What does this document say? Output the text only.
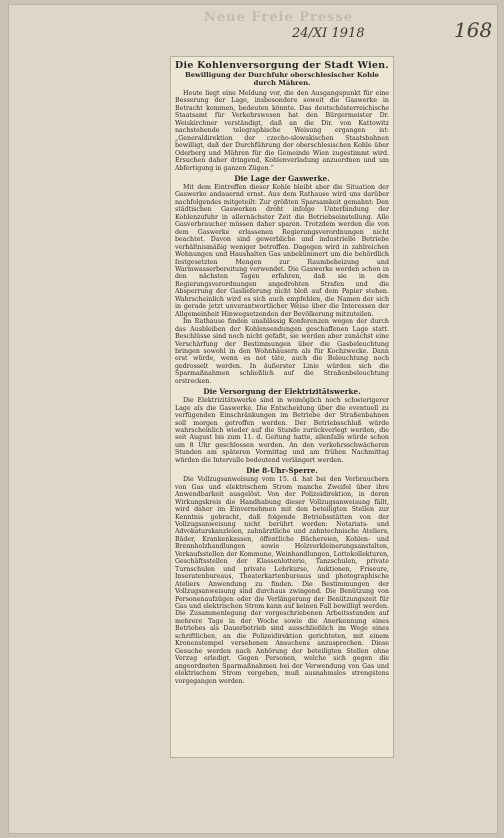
Neue Freie Presse
24/XI 1918	168
Die Kohlenversorgung der Stadt Wien.
Bewilligung der Durchfuhr oberschlesischer Kohle durch Mähren.
Heute liegt eine Meldung vor, die den Ausgangspunkt für eine Besserung der Lage, insbesondere soweit die Gaswerke in Betracht kommen, bedeuten könnte. Das deutschösterreichische Staatsamt für Verkehrswesen hat den Bürgermeister Dr. Weiskirchner verständigt, daß an die Dir. von Kattowitz nachstehende telegraphische Weisung ergangen ist: „Generaldirektion der czecho-slowakischen Staatsbahnen bewilligt, daß der Durchführung der oberschlesischen Kohle über Oderberg und Mähren für die Gemeinde Wien zugestimmt wird. Ersuchen daher dringend, Kohlenverladung anzuordnen und um Abfertigung in ganzen Zügen.“
Die Lage der Gaswerke.
Mit dem Eintreffen dieser Kohle bleibt aber die Situation der Gaswerke andauernd ernst. Aus dem Rathause wird uns darüber nachfolgendes mitgeteilt: Zur größten Sparsamkeit gemahnt: Den städtischen Gaswerken droht infolge Unterbindung der Kohlenzufuhr in allernächster Zeit die Betriebseinstellung. Alle Gasverbraucher müssen daher sparen. Trotzdem werden die von dem Gaswerke erlassenen Regierungsverordnungen nicht beachtet. Davon sind gewerbliche und industrielle Betriebe verhältnismäßig weniger betroffen. Dagegen wird in zahlreichen Wohnungen und Haushalten Gas unbekümmert um die behördlich festgesetzten Mengen zur Raumbeheizung und Warmwasserbereitung verwendet. Die Gaswerke werden schon in den nächsten Tagen erfahren, daß sie in den Regierungsverordnungen angedrohten Strafen und die Absperrung der Gaslieferung nicht bloß auf dem Papier stehen. Wahrscheinlich wird es sich auch empfehlen, die Namen der sich in gerade jetzt unverantwortlicher Weise über die Interessen der Allgemeinheit Hinwegsetzenden der Bevölkerung mitzuteilen.
Im Rathause finden unablässig Konferenzen wegen der durch das Ausbleiben der Kohlensendungen geschaffenen Lage statt. Beschlüsse sind noch nicht gefaßt, sie werden aber zunächst eine Verschärfung der Bestimmungen über die Gasbeleuchtung bringen sowohl in den Wohnhäusern als für Kochzwecke. Dann erst würde, wenn es not täte, auch die Beleuchtung noch gedrosselt werden. In äußerster Linie würden sich die Sparmaßnahmen schließlich auf die Straßenbeleuchtung erstrecken.
Die Versorgung der Elektrizitätswerke.
Die Elektrizitätswerke sind in womöglich noch schwierigerer Lage als die Gaswerke. Die Entscheidung über die eventuell zu verfügenden Einschränkungen im Betriebe der Straßenbahnen soll morgen getroffen werden. Der Betriebsschluß würde wahrscheinlich wieder auf die Stunde zurückverlegt werden, die seit August bis zum 11. d. Geltung hatte, allenfalls würde schon um 8 Uhr geschlossen werden. An den verkehrsschwächeren Stunden am späteren Vormittag und am frühen Nachmittag würden die Intervalle bedeutend verlängert werden.
Die 8-Uhr-Sperre.
Die Vollzugsanweisung vom 15. d. hat bei den Verbrauchern von Gas und elektrischem Strom manche Zweifel über ihre Anwendbarkeit ausgelöst. Von der Polizeidirektion, in deren Wirkungskreis die Handhabung dieser Vollzugsanweisung fällt, wird daher im Einvernehmen mit den beteiligten Stellen zur Kenntnis gebracht, daß folgende Betriebsstätten von der Vollzugsanweisung nicht berührt werden: Notariats- und Advokaturskanzleien, zahnärztliche und zahntechnische Ateliers, Bäder, Krankenkassen, öffentliche Büchereien, Kohlen- und Brennholzhandlungen sowie Holzverkleinerungsanstalten, Verkaufsstellen der Kommune, Weinhandlungen, Lottokollekturen, Geschäftsstellen der Klassenlotterie, Tanzschulen, private Turnschulen und private Lehrkurse, Auktionen, Friseure, Inseratenbureaus, Theaterkartenbureaus und photographische Ateliers Anwendung zu finden. Die Bestimmungen der Vollzugsanweisung sind durchaus zwingend. Die Benützung von Personenaufzügen oder die Verlängerung der Benützungszeit für Gas und elektrischen Strom kann auf keinen Fall bewilligt werden. Die Zusammenlegung der vorgeschriebenen Arbeitsstunden auf mehrere Tage in der Woche sowie die Anerkennung eines Betriebes als Dauerbetrieb sind ausschließlich im Wege eines schriftlichen, an die Polizeidirektion gerichteten, mit einem Kronenstempel versehenen Ansuchens anzusprechen. Diese Gesuche werden nach Anhörung der beteiligten Stellen ohne Verzug erledigt. Gegen Personen, welche sich gegen die angeordneten Sparmaßnahmen bei der Verwendung von Gas und elektrischem Strom vergehen, muß ausnahmslos strengstens vorgegangen werden.
